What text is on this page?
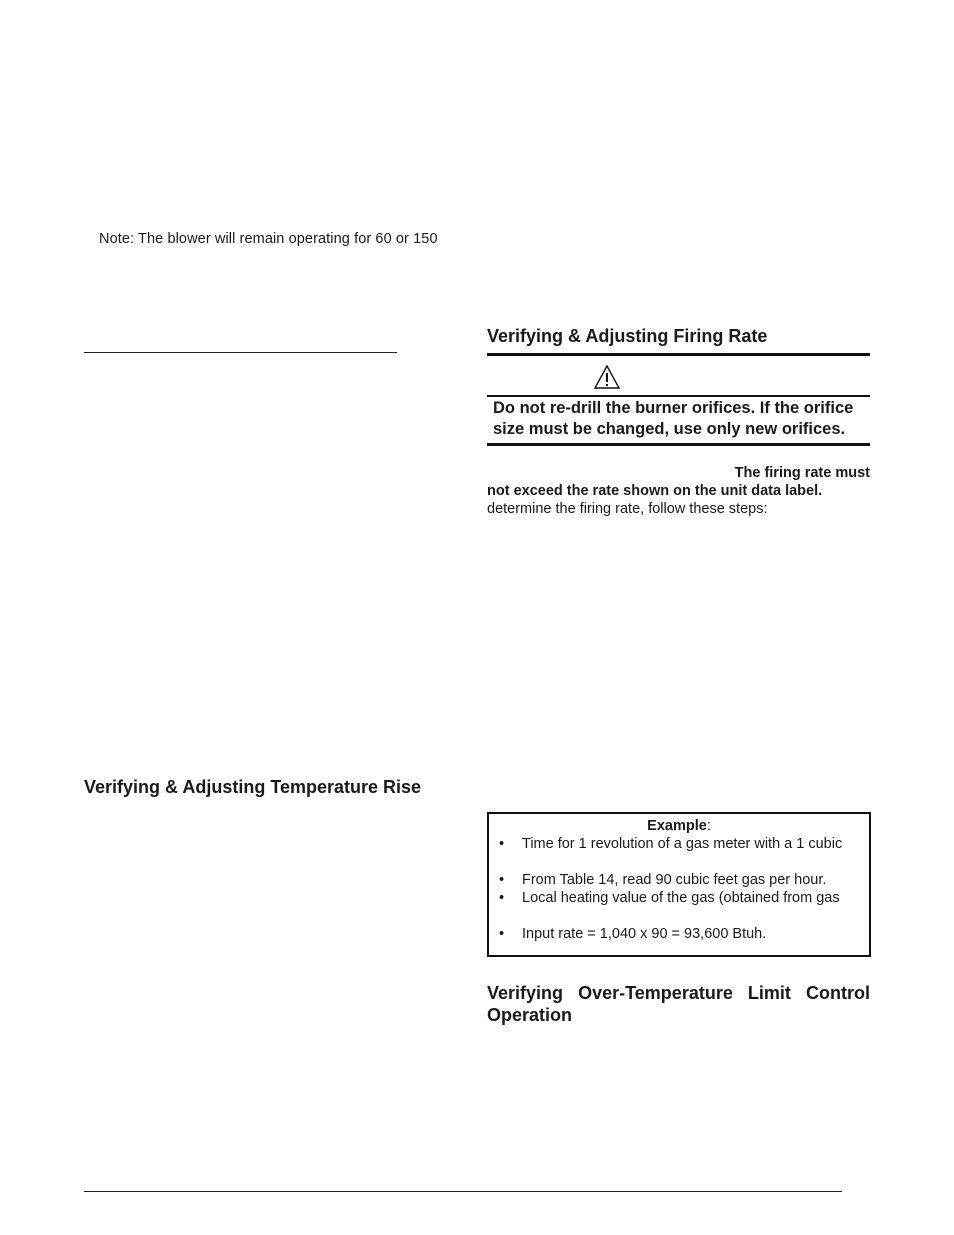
Note: The blower will remain operating for 60 or 150
Verifying & Adjusting Firing Rate
Do not re-drill the burner orifices. If the orifice size must be changed, use only new orifices.
The firing rate must
not exceed the rate shown on the unit data label.
determine the firing rate, follow these steps:
Verifying & Adjusting Temperature Rise
Example:
• Time for 1 revolution of a gas meter with a 1 cubic
• From Table 14, read 90 cubic feet gas per hour.
• Local heating value of the gas (obtained from gas
• Input rate = 1,040 x 90 = 93,600 Btuh.
Verifying Over-Temperature Limit Control Operation
